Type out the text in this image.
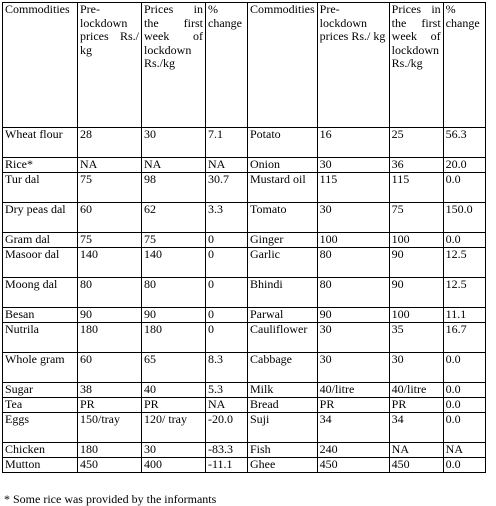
Commodities	Pre-lockdown prices Rs./ kg	Prices in the first week of lockdown Rs./kg	% change	Commodities	Pre-lockdown prices Rs./ kg	Prices in the first week of lockdown Rs./kg	% change
Wheat flour	28	30	7.1	Potato	16	25	56.3
Rice*	NA	NA	NA	Onion	30	36	20.0
Tur dal	75	98	30.7	Mustard oil	115	115	0.0
Dry peas dal	60	62	3.3	Tomato	30	75	150.0
Gram dal	75	75	0	Ginger	100	100	0.0
Masoor dal	140	140	0	Garlic	80	90	12.5
Moong dal	80	80	0	Bhindi	80	90	12.5
Besan	90	90	0	Parwal	90	100	11.1
Nutrila	180	180	0	Cauliflower	30	35	16.7
Whole gram	60	65	8.3	Cabbage	30	30	0.0
Sugar	38	40	5.3	Milk	40/litre	40/litre	0.0
Tea	PR	PR	NA	Bread	PR	PR	0.0
Eggs	150/tray	120/ tray	-20.0	Suji	34	34	0.0
Chicken	180	30	-83.3	Fish	240	NA	NA
Mutton	450	400	-11.1	Ghee	450	450	0.0
* Some rice was provided by the informants
